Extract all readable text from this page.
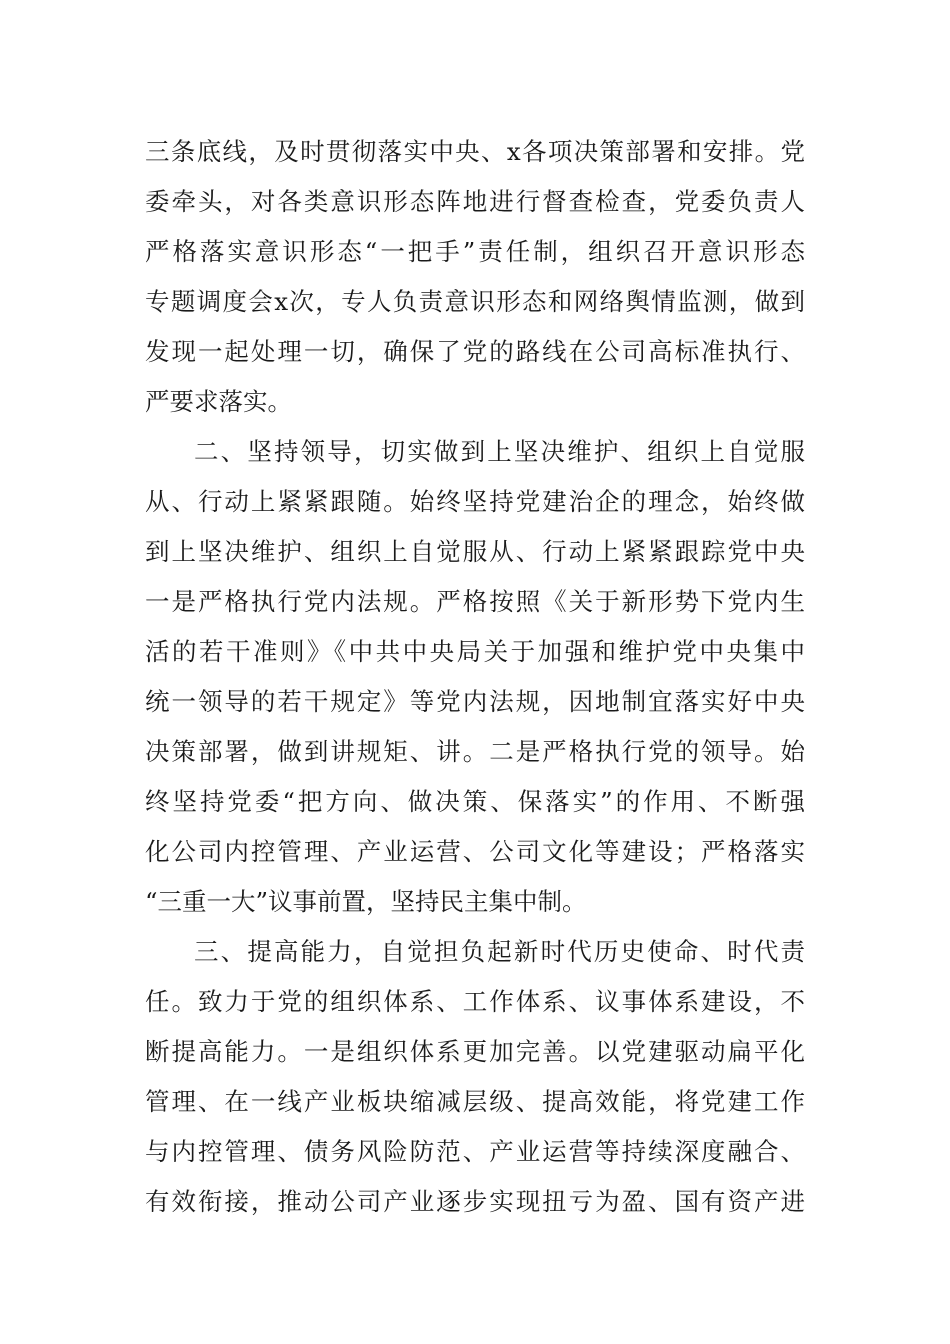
三条底线，及时贯彻落实中央、x各项决策部署和安排。党
委牵头，对各类意识形态阵地进行督查检查，党委负责人
严格落实意识形态“一把手”责任制，组织召开意识形态
专题调度会x次，专人负责意识形态和网络舆情监测，做到
发现一起处理一切，确保了党的路线在公司高标准执行、
严要求落实。
二、坚持领导，切实做到上坚决维护、组织上自觉服
从、行动上紧紧跟随。始终坚持党建治企的理念，始终做
到上坚决维护、组织上自觉服从、行动上紧紧跟踪党中央
一是严格执行党内法规。严格按照《关于新形势下党内生
活的若干准则》《中共中央局关于加强和维护党中央集中
统一领导的若干规定》等党内法规，因地制宜落实好中央
决策部署，做到讲规矩、讲。二是严格执行党的领导。始
终坚持党委“把方向、做决策、保落实”的作用、不断强
化公司内控管理、产业运营、公司文化等建设；严格落实
“三重一大”议事前置，坚持民主集中制。
三、提高能力，自觉担负起新时代历史使命、时代责
任。致力于党的组织体系、工作体系、议事体系建设，不
断提高能力。一是组织体系更加完善。以党建驱动扁平化
管理、在一线产业板块缩减层级、提高效能，将党建工作
与内控管理、债务风险防范、产业运营等持续深度融合、
有效衔接，推动公司产业逐步实现扭亏为盈、国有资产进
